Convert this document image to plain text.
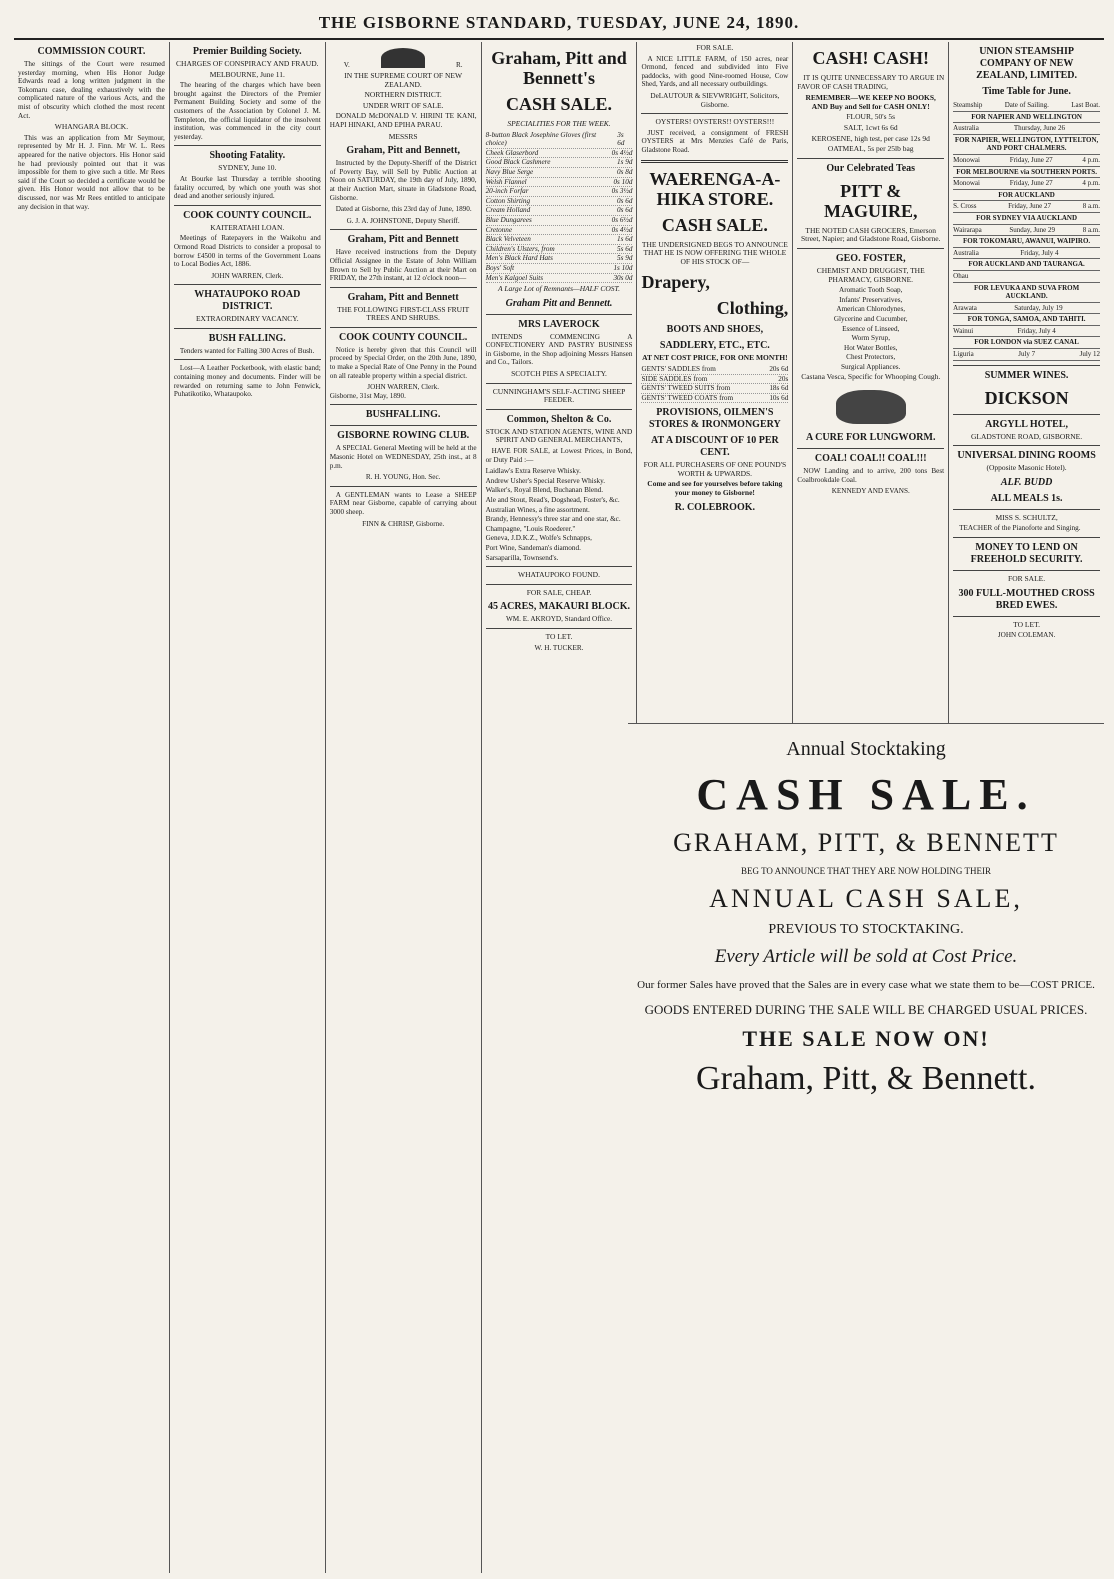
THE GISBORNE STANDARD, TUESDAY, JUNE 24, 1890.
COMMISSION COURT.

The sittings of the Court were resumed yesterday morning, when His Honor Judge Edwards read a long written judgment in the Tokomaru case, dealing exhaustively with the complicated nature of the various Acts, and the mist of obscurity which clothed the most recent Act.

WHANGARA BLOCK.

This was an application from Mr Seymour, represented by Mr H. J. Finn. Mr W. L. Rees appeared for the native objectors. His Honor said he had previously pointed out that it was impossible for them to give such a title. Mr Rees said if the Court so decided a certificate would be given. His Honor would not allow that to be discussed, nor was Mr Rees entitled to anticipate any decision in that way.

Premier Building Society.
CHARGES OF CONSPIRACY AND FRAUD.
MELBOURNE, June 11.

The hearing of the charges which have been brought against the Directors of the Premier Permanent Building Society and some of the customers of the Association by Colonel J. M. Templeton, the official liquidator of the insolvent institution, was commenced in the city court yesterday.

Shooting Fatality.
SYDNEY, June 10.

At Bourke last Thursday a terrible shooting fatality occurred, by which one youth was shot dead and another seriously injured.

COOK COUNTY COUNCIL.
KAITERATAHI LOAN.

Meetings of Ratepayers in the Waikohu and Ormond Road Districts to consider a proposal to borrow £4500 in terms of the Government Loans to Local Bodies Act, 1886.

JOHN WARREN, Clerk.
WHATAUPOKO ROAD DISTRICT.
EXTRAORDINARY VACANCY.
BUSH FALLING.

Tenders wanted for Falling 300 Acres of Bush.

Lost—A Leather Pocketbook, with elastic band; containing money and documents. Finder will be rewarded on returning same to John Fenwick, Puhatikotiko, Whataupoko.

V.	R.
IN THE SUPREME COURT OF NEW ZEALAND.
NORTHERN DISTRICT.
UNDER WRIT OF SALE.

DONALD McDONALD V. HIRINI TE KANI, HAPI HINAKI, AND EPIHA PARAU.

MESSRS
Graham, Pitt and Bennett,

Instructed by the Deputy-Sheriff of the District of Poverty Bay, will Sell by Public Auction at Noon on SATURDAY, the 19th day of July, 1890, at their Auction Mart, situate in Gladstone Road, Gisborne.

Dated at Gisborne, this 23rd day of June, 1890.

G. J. A. JOHNSTONE, Deputy Sheriff.
Graham, Pitt and Bennett

Have received instructions from the Deputy Official Assignee in the Estate of John William Brown to Sell by Public Auction at their Mart on FRIDAY, the 27th instant, at 12 o'clock noon—

Graham, Pitt and Bennett
THE FOLLOWING FIRST-CLASS FRUIT TREES AND SHRUBS.
COOK COUNTY COUNCIL.

Notice is hereby given that this Council will proceed by Special Order, on the 20th June, 1890, to make a Special Rate of One Penny in the Pound on all rateable property within a special district.

JOHN WARREN, Clerk.
Gisborne, 31st May, 1890.
BUSHFALLING.
GISBORNE ROWING CLUB.

A SPECIAL General Meeting will be held at the Masonic Hotel on WEDNESDAY, 25th inst., at 8 p.m.

R. H. YOUNG, Hon. Sec.

A GENTLEMAN wants to Lease a SHEEP FARM near Gisborne, capable of carrying about 3000 sheep.

FINN & CHRISP, Gisborne.
Graham, Pitt and Bennett's
CASH SALE.
SPECIALITIES FOR THE WEEK.
8-button Black Josephine Gloves (first choice)
3s 6d
Cheek Glaserbord	0s 4½d
Good Black Cashmere	1s 9d
Navy Blue Serge	0s 8d
Welsh Flannel	0s 10d
20-inch Forfar	0s 3½d
Cotton Shirting	0s 6d
Cream Holland	0s 6d
Blue Dungarees	0s 6½d
Cretonne	0s 4½d
Black Velveteen	1s 6d
Children's Ulsters, from	5s 6d
Men's Black Hard Hats	5s 9d
Boys' Soft	1s 10d
Men's Kalgoel Suits	30s 0d
A Large Lot of Remnants—HALF COST.
Graham Pitt and Bennett.
MRS LAVEROCK

INTENDS COMMENCING A CONFECTIONERY AND PASTRY BUSINESS in Gisborne, in the Shop adjoining Messrs Hansen and Co., Tailors.

SCOTCH PIES A SPECIALTY.
CUNNINGHAM'S SELF-ACTING SHEEP FEEDER.
Common, Shelton & Co.
STOCK AND STATION AGENTS, WINE AND SPIRIT AND GENERAL MERCHANTS,

HAVE FOR SALE, at Lowest Prices, in Bond, or Duty Paid :—

Laidlaw's Extra Reserve Whisky.
Andrew Usher's Special Reserve Whisky.
Walker's, Royal Blend, Buchanan Blend.
Ale and Stout, Read's, Dogshead, Foster's, &c.
Australian Wines, a fine assortment.
Brandy, Hennessy's three star and one star, &c.
Champagne, "Louis Roederer."
Geneva, J.D.K.Z., Wolfe's Schnapps,
Port Wine, Sandeman's diamond.
Sarsaparilla, Townsend's.
WHATAUPOKO FOUND.
FOR SALE, CHEAP.
45 ACRES, MAKAURI BLOCK.
WM. E. AKROYD, Standard Office.
TO LET.
W. H. TUCKER.
FOR SALE.

A NICE LITTLE FARM, of 150 acres, near Ormond, fenced and subdivided into Five paddocks, with good Nine-roomed House, Cow Shed, Yards, and all necessary outbuildings.

DeLAUTOUR & SIEVWRIGHT, Solicitors, Gisborne.
OYSTERS! OYSTERS!! OYSTERS!!!

JUST received, a consignment of FRESH OYSTERS at Mrs Menzies Café de Paris, Gladstone Road.

WAERENGA-A-HIKA STORE.
CASH SALE.
THE UNDERSIGNED BEGS TO ANNOUNCE THAT HE IS NOW OFFERING THE WHOLE OF HIS STOCK OF—
Drapery,
Clothing,
BOOTS AND SHOES,
SADDLERY, ETC., ETC.
AT NET COST PRICE, FOR ONE MONTH!
GENTS' SADDLES from	20s 6d
SIDE SADDLES from	20s
GENTS' TWEED SUITS from	18s 6d
GENTS' TWEED COATS from	10s 6d
PROVISIONS, OILMEN'S STORES & IRONMONGERY
AT A DISCOUNT OF 10 PER CENT.
FOR ALL PURCHASERS OF ONE POUND'S WORTH & UPWARDS.
Come and see for yourselves before taking your money to Gisborne!
R. COLEBROOK.
CASH! CASH!

IT IS QUITE UNNECESSARY TO ARGUE IN FAVOR OF CASH TRADING,

REMEMBER—WE KEEP NO BOOKS, AND Buy and Sell for CASH ONLY!
FLOUR, 50's 5s
SALT, 1cwt 6s 6d
KEROSENE, high test, per case 12s 9d
OATMEAL, 5s per 25lb bag
Our Celebrated Teas
PITT & MAGUIRE,
THE NOTED CASH GROCERS, Emerson Street, Napier; and Gladstone Road, Gisborne.
GEO. FOSTER,
CHEMIST AND DRUGGIST, THE PHARMACY, GISBORNE.
Aromatic Tooth Soap,
Infants' Preservatives,
American Chlorodynes,
Glycerine and Cucumber,
Essence of Linseed,
Worm Syrup,
Hot Water Bottles,
Chest Protectors,
Surgical Appliances.
Castana Vesca, Specific for Whooping Cough.
A CURE FOR LUNGWORM.
COAL! COAL!! COAL!!!

NOW Landing and to arrive, 200 tons Best Coalbrookdale Coal.

KENNEDY AND EVANS.
UNION STEAMSHIP COMPANY OF NEW ZEALAND, LIMITED.
Time Table for June.
Steamship	Date of Sailing.	Last Boat.
FOR NAPIER AND WELLINGTON
Australia	Thursday, June 26
FOR NAPIER, WELLINGTON, LYTTELTON, AND PORT CHALMERS.
Monowai	Friday, June 27	4 p.m.
FOR MELBOURNE via SOUTHERN PORTS.
Monowai	Friday, June 27	4 p.m.
FOR AUCKLAND
S. Cross	Friday, June 27	8 a.m.
FOR SYDNEY VIA AUCKLAND
Wairarapa	Sunday, June 29	8 a.m.
FOR TOKOMARU, AWANUI, WAIPIRO.
Australia	Friday, July 4
FOR AUCKLAND AND TAURANGA.
Ohau
FOR LEVUKA AND SUVA FROM AUCKLAND.
Arawata	Saturday, July 19
FOR TONGA, SAMOA, AND TAHITI.
Wainui	Friday, July 4
FOR LONDON via SUEZ CANAL
Liguria	July 7	July 12
SUMMER WINES.
DICKSON
ARGYLL HOTEL,
GLADSTONE ROAD, GISBORNE.
UNIVERSAL DINING ROOMS
(Opposite Masonic Hotel).
ALF. BUDD
ALL MEALS 1s.
MISS S. SCHULTZ,

TEACHER of the Pianoforte and Singing.

MONEY TO LEND ON FREEHOLD SECURITY.
FOR SALE.
300 FULL-MOUTHED CROSS BRED EWES.
TO LET.
JOHN COLEMAN.
Annual Stocktaking
CASH SALE.
GRAHAM, PITT, & BENNETT
BEG TO ANNOUNCE THAT THEY ARE NOW HOLDING THEIR
ANNUAL CASH SALE,
PREVIOUS TO STOCKTAKING.
Every Article will be sold at Cost Price.
Our former Sales have proved that the Sales are in every case what we state them to be—COST PRICE.
GOODS ENTERED DURING THE SALE WILL BE CHARGED USUAL PRICES.
THE SALE NOW ON!
Graham, Pitt, & Bennett.
